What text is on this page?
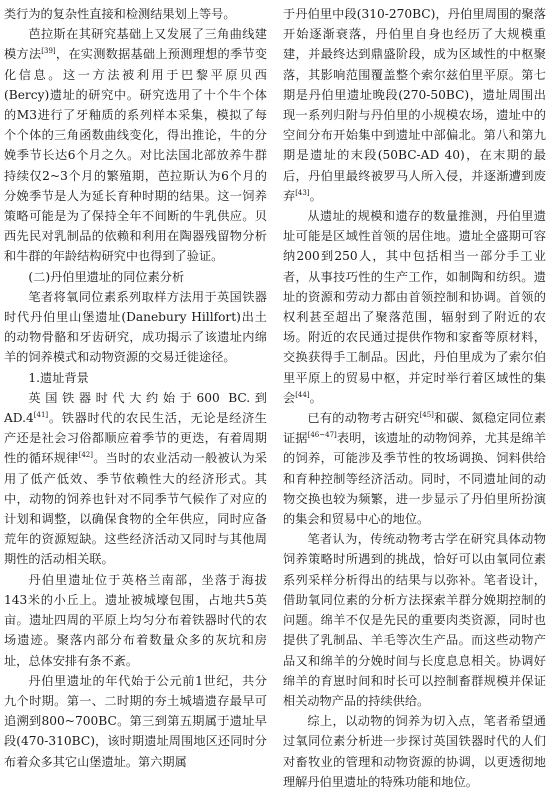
类行为的复杂性直接和检测结果划上等号。

芭拉斯在其研究基础上又发展了三角曲线建模方法[39]，在实测数据基础上预测理想的季节变化信息。这一方法被利用于巴黎平原贝西(Bercy)遗址的研究中。研究选用了十个牛个体的M3进行了牙釉质的系列样本采集，模拟了每个个体的三角函数曲线变化，得出推论，牛的分娩季节长达6个月之久。对比法国北部放养牛群持续仅2~3个月的繁殖期，芭拉斯认为6个月的分娩季节是人为延长育种时期的结果。这一饲养策略可能是为了保持全年不间断的牛乳供应。贝西先民对乳制品的依赖和利用在陶器残留物分析和牛群的年龄结构研究中也得到了验证。

(二)丹伯里遗址的同位素分析

笔者将氧同位素系列取样方法用于英国铁器时代丹伯里山堡遗址(Danebury Hillfort)出土的动物骨骼和牙齿研究，成功揭示了该遗址内绵羊的饲养模式和动物资源的交易迁徙途径。

1.遗址背景

英国铁器时代大约始于600 BC.到AD.4[41]。铁器时代的农民生活，无论是经济生产还是社会习俗都顺应着季节的更迭，有着周期性的循环规律[42]。当时的农业活动一般被认为采用了低产低效、季节依赖性大的经济形式。其中，动物的饲养也针对不同季节气候作了对应的计划和调整，以确保食物的全年供应，同时应备荒年的资源短缺。这些经济活动又同时与其他周期性的活动相关联。

丹伯里遗址位于英格兰南部，坐落于海拔143米的小丘上。遗址被城壕包围，占地共5英亩。遗址四周的平原上均匀分布着铁器时代的农场遗迹。聚落内部分布着数量众多的灰坑和房址，总体安排有条不紊。

丹伯里遗址的年代始于公元前1世纪，共分九个时期。第一、二时期的夯土城墙遗存最早可追溯到800~700BC。第三到第五期属于遗址早段(470-310BC)，该时期遗址周围地区还同时分布着众多其它山堡遗址。第六期属

于丹伯里中段(310-270BC)，丹伯里周围的聚落开始逐渐衰落，丹伯里自身也经历了大规模重建，并最终达到鼎盛阶段，成为区域性的中枢聚落，其影响范围覆盖整个索尔兹伯里平原。第七期是丹伯里遗址晚段(270-50BC)，遗址周围出现一系列归附与丹伯里的小规模农场，遗址中的空间分布开始集中到遗址中部偏北。第八和第九期是遗址的末段(50BC-AD 40)，在末期的最后，丹伯里最终被罗马人所入侵，并逐渐遭到废弃[43]。

从遗址的规模和遗存的数量推测，丹伯里遗址可能是区域性首领的居住地。遗址全盛期可容纳200到250人，其中包括相当一部分手工业者，从事技巧性的生产工作，如制陶和纺织。遗址的资源和劳动力都由首领控制和协调。首领的权利甚至超出了聚落范围，辐射到了附近的农场。附近的农民通过提供作物和家畜等原材料，交换获得手工制品。因此，丹伯里成为了索尔伯里平原上的贸易中枢，并定时举行着区域性的集会[44]。

已有的动物考古研究[45]和碳、氮稳定同位素证据[46~47]表明，该遗址的动物饲养，尤其是绵羊的饲养，可能涉及季节性的牧场调换、饲料供给和育种控制等经济活动。同时，不同遗址间的动物交换也较为频繁，进一步显示了丹伯里所扮演的集会和贸易中心的地位。

笔者认为，传统动物考古学在研究具体动物饲养策略时所遇到的挑战，恰好可以由氧同位素系列采样分析得出的结果与以弥补。笔者设计，借助氧同位素的分析方法探索羊群分娩期控制的问题。绵羊不仅是先民的重要肉类资源，同时也提供了乳制品、羊毛等次生产品。而这些动物产品又和绵羊的分娩时间与长度息息相关。协调好绵羊的育崽时间和时长可以控制畜群规模并保证相关动物产品的持续供给。

综上，以动物的饲养为切入点，笔者希望通过氧同位素分析进一步探讨英国铁器时代的人们对畜牧业的管理和动物资源的协调，以更透彻地理解丹伯里遗址的特殊功能和地位。
